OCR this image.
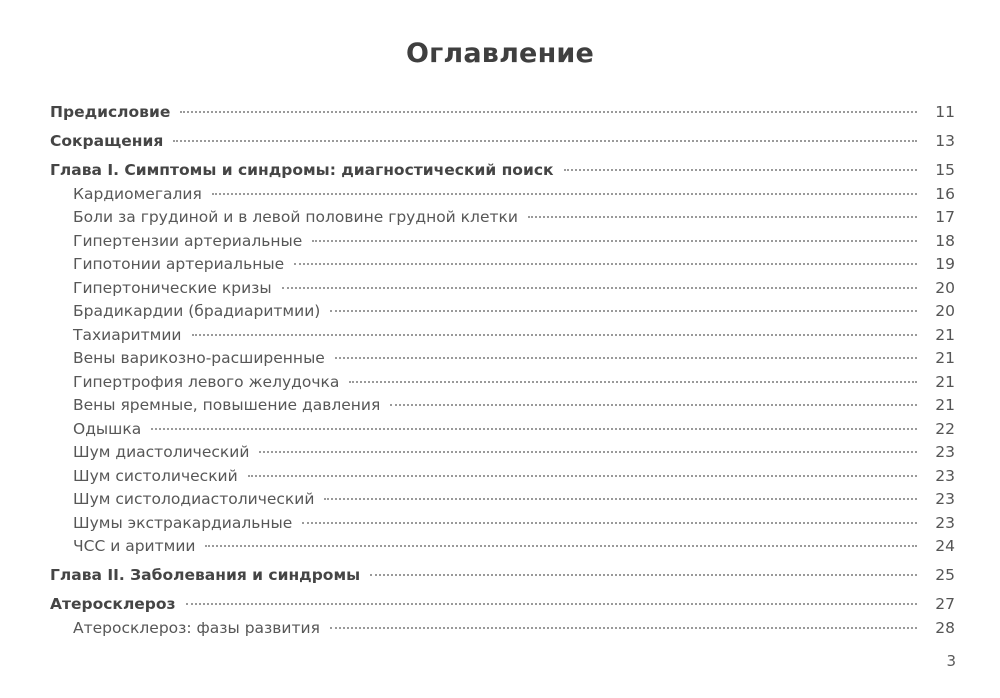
Оглавление
Предисловие	11
Сокращения	13
Глава I. Симптомы и синдромы: диагностический поиск	15
Кардиомегалия	16
Боли за грудиной и в левой половине грудной клетки	17
Гипертензии артериальные	18
Гипотонии артериальные	19
Гипертонические кризы	20
Брадикардии (брадиаритмии)	20
Тахиаритмии	21
Вены варикозно-расширенные	21
Гипертрофия левого желудочка	21
Вены яремные, повышение давления	21
Одышка	22
Шум диастолический	23
Шум систолический	23
Шум систолодиастолический	23
Шумы экстракардиальные	23
ЧСС и аритмии	24
Глава II. Заболевания и синдромы	25
Атеросклероз	27
Атеросклероз: фазы развития	28
3
